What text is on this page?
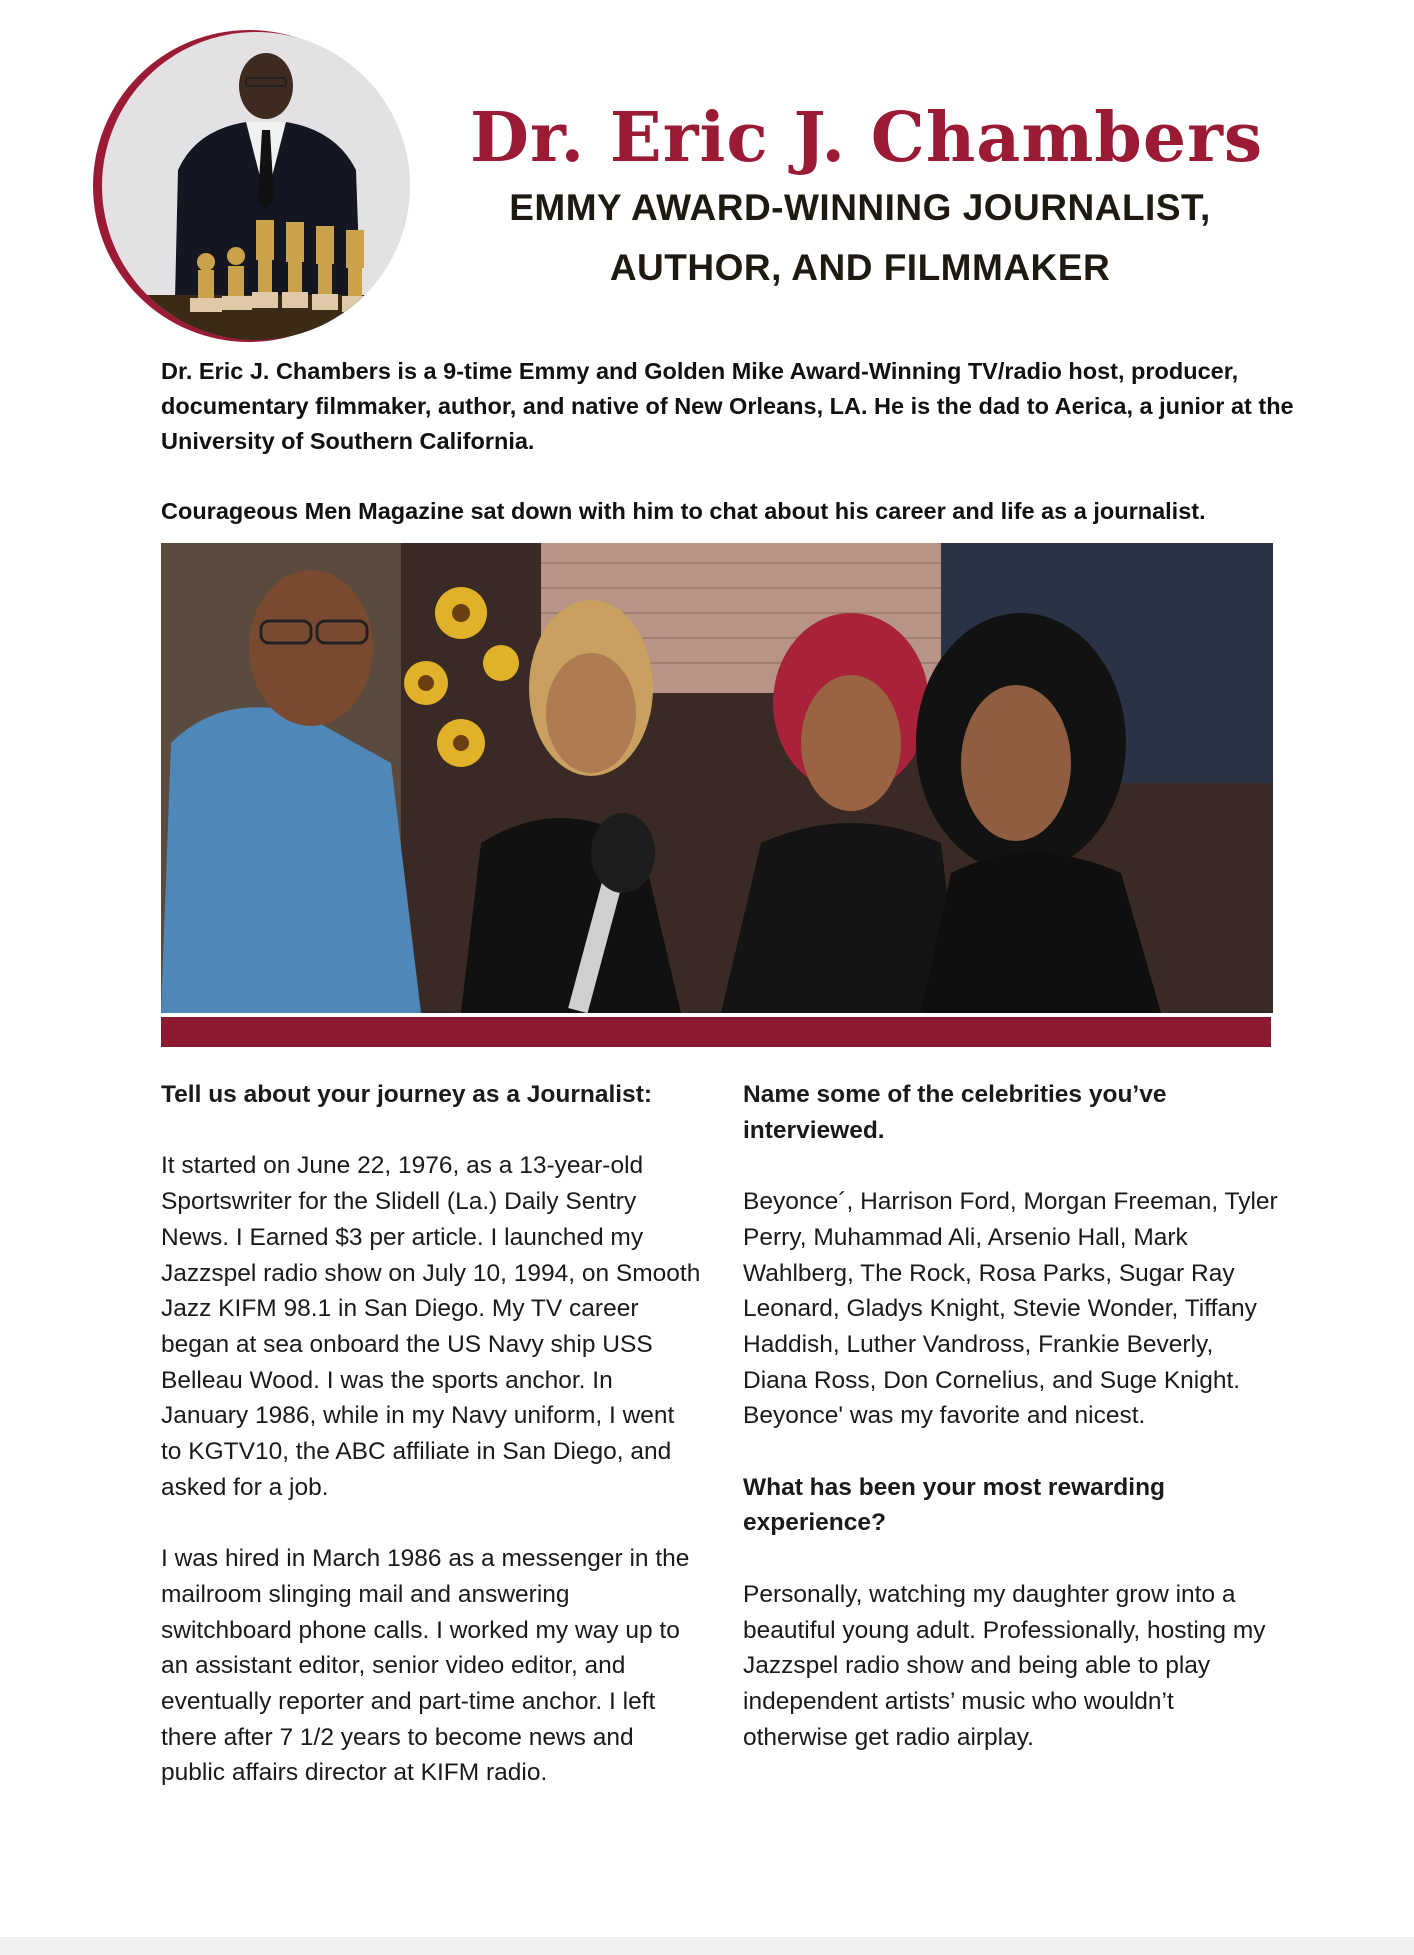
Dr. Eric J. Chambers
EMMY AWARD-WINNING JOURNALIST,
AUTHOR, AND FILMMAKER

Dr. Eric J. Chambers is a 9-time Emmy and Golden Mike Award-Winning TV/radio host, producer, documentary filmmaker, author, and native of New Orleans, LA. He is the dad to Aerica, a junior at the University of Southern California.

Courageous Men Magazine sat down with him to chat about his career and life as a journalist.

Tell us about your journey as a Journalist:

It started on June 22, 1976, as a 13-year-old Sportswriter for the Slidell (La.) Daily Sentry News. I Earned $3 per article. I launched my Jazzspel radio show on July 10, 1994, on Smooth Jazz KIFM 98.1 in San Diego. My TV career began at sea onboard the US Navy ship USS Belleau Wood. I was the sports anchor. In January 1986, while in my Navy uniform, I went to KGTV10, the ABC affiliate in San Diego, and asked for a job.

I was hired in March 1986 as a messenger in the mailroom slinging mail and answering switchboard phone calls. I worked my way up to an assistant editor, senior video editor, and eventually reporter and part-time anchor. I left there after 7 1/2 years to become news and public affairs director at KIFM radio.

Name some of the celebrities you’ve interviewed.

Beyonce´, Harrison Ford, Morgan Freeman, Tyler Perry, Muhammad Ali, Arsenio Hall, Mark Wahlberg, The Rock, Rosa Parks, Sugar Ray Leonard, Gladys Knight, Stevie Wonder, Tiffany Haddish, Luther Vandross, Frankie Beverly, Diana Ross, Don Cornelius, and Suge Knight. Beyonce' was my favorite and nicest.

What has been your most rewarding experience?

Personally, watching my daughter grow into a beautiful young adult. Professionally, hosting my Jazzspel radio show and being able to play independent artists’ music who wouldn’t otherwise get radio airplay.
